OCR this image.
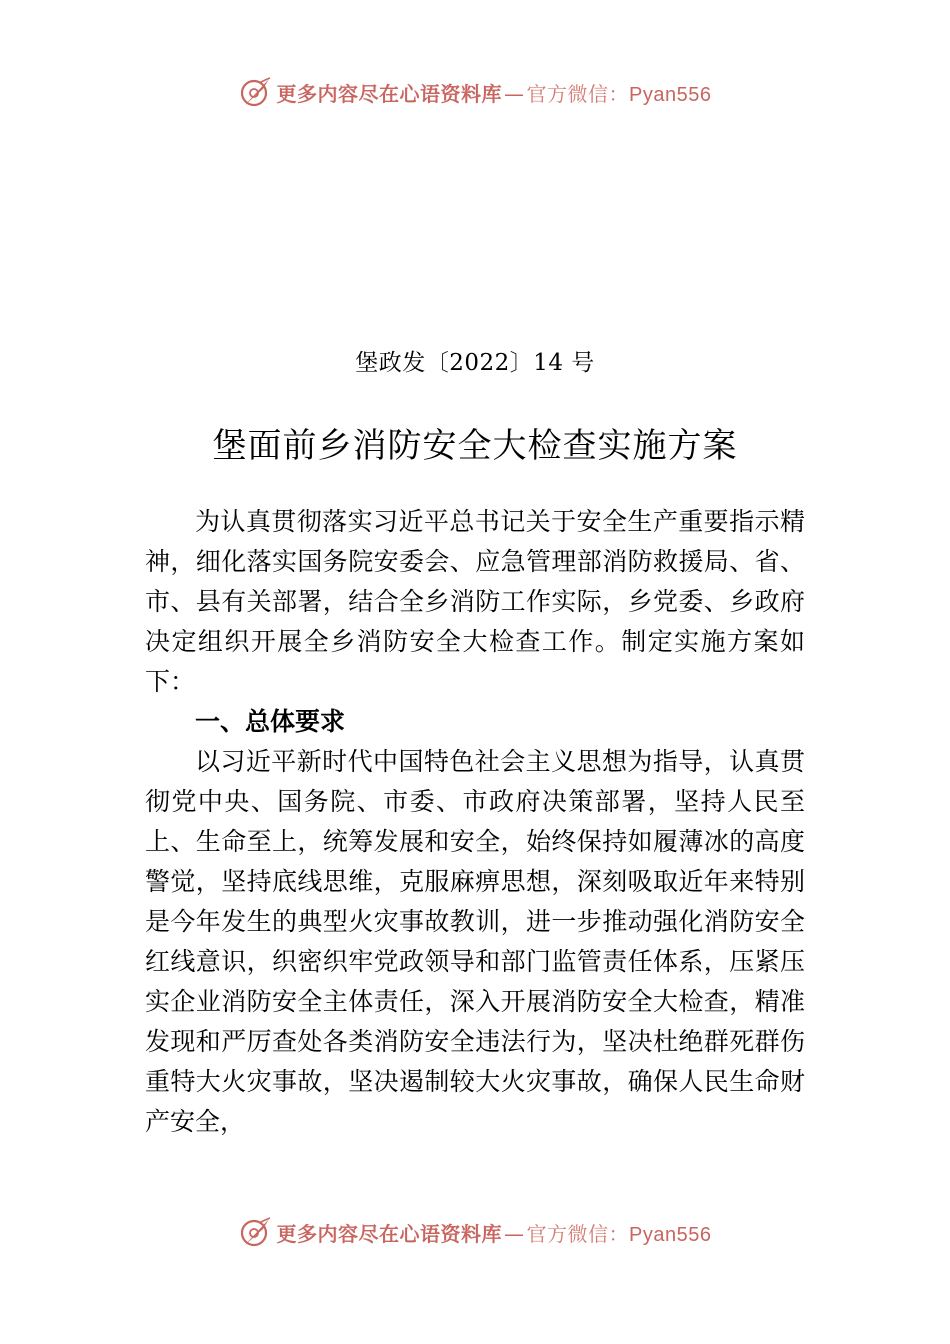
更多内容尽在心语资料库 — 官方微信：Pyan556
堡政发〔2022〕14 号
堡面前乡消防安全大检查实施方案

为认真贯彻落实习近平总书记关于安全生产重要指示精神，细化落实国务院安委会、应急管理部消防救援局、省、市、县有关部署，结合全乡消防工作实际，乡党委、乡政府决定组织开展全乡消防安全大检查工作。制定实施方案如下：

一、总体要求

以习近平新时代中国特色社会主义思想为指导，认真贯彻党中央、国务院、市委、市政府决策部署，坚持人民至上、生命至上，统筹发展和安全，始终保持如履薄冰的高度警觉，坚持底线思维，克服麻痹思想，深刻吸取近年来特别是今年发生的典型火灾事故教训，进一步推动强化消防安全红线意识，织密织牢党政领导和部门监管责任体系，压紧压实企业消防安全主体责任，深入开展消防安全大检查，精准发现和严厉查处各类消防安全违法行为，坚决杜绝群死群伤重特大火灾事故，坚决遏制较大火灾事故，确保人民生命财产安全，

更多内容尽在心语资料库 — 官方微信：Pyan556
